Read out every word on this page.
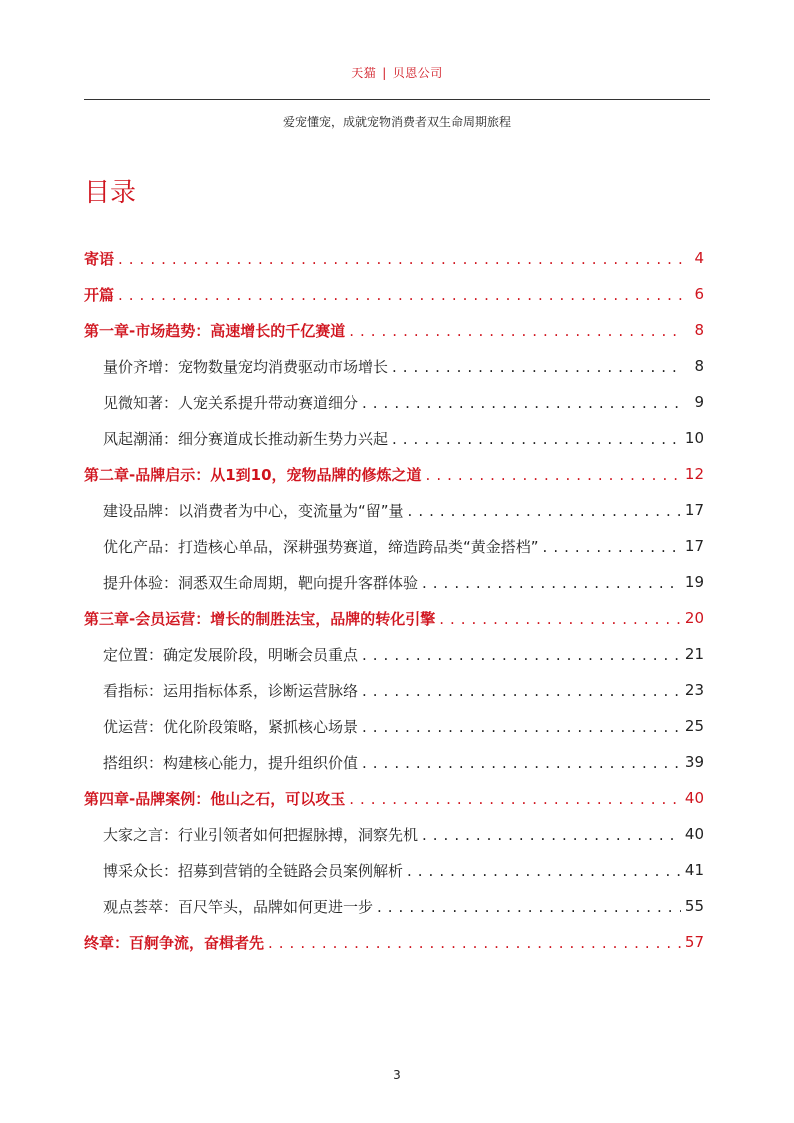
天猫 | 贝恩公司
爱宠懂宠，成就宠物消费者双生命周期旅程
目录
寄语 .....	4
开篇 .....	6
第一章-市场趋势：高速增长的千亿赛道 .....	8
量价齐增：宠物数量宠均消费驱动市场增长 .....	8
见微知著：人宠关系提升带动赛道细分 .....	9
风起潮涌：细分赛道成长推动新生势力兴起 .....	10
第二章-品牌启示：从1到10，宠物品牌的修炼之道 .....	12
建设品牌：以消费者为中心，变流量为“留”量 .....	17
优化产品：打造核心单品，深耕强势赛道，缔造跨品类“黄金搭档” .....	17
提升体验：洞悉双生命周期，靶向提升客群体验 .....	19
第三章-会员运营：增长的制胜法宝，品牌的转化引擎 .....	20
定位置：确定发展阶段，明晰会员重点 .....	21
看指标：运用指标体系，诊断运营脉络 .....	23
优运营：优化阶段策略，紧抓核心场景 .....	25
搭组织：构建核心能力，提升组织价值 .....	39
第四章-品牌案例：他山之石，可以攻玉 .....	40
大家之言：行业引领者如何把握脉搏，洞察先机 .....	40
博采众长：招募到营销的全链路会员案例解析 .....	41
观点荟萃：百尺竿头，品牌如何更进一步 .....	55
终章：百舸争流，奋楫者先 .....	57
3
